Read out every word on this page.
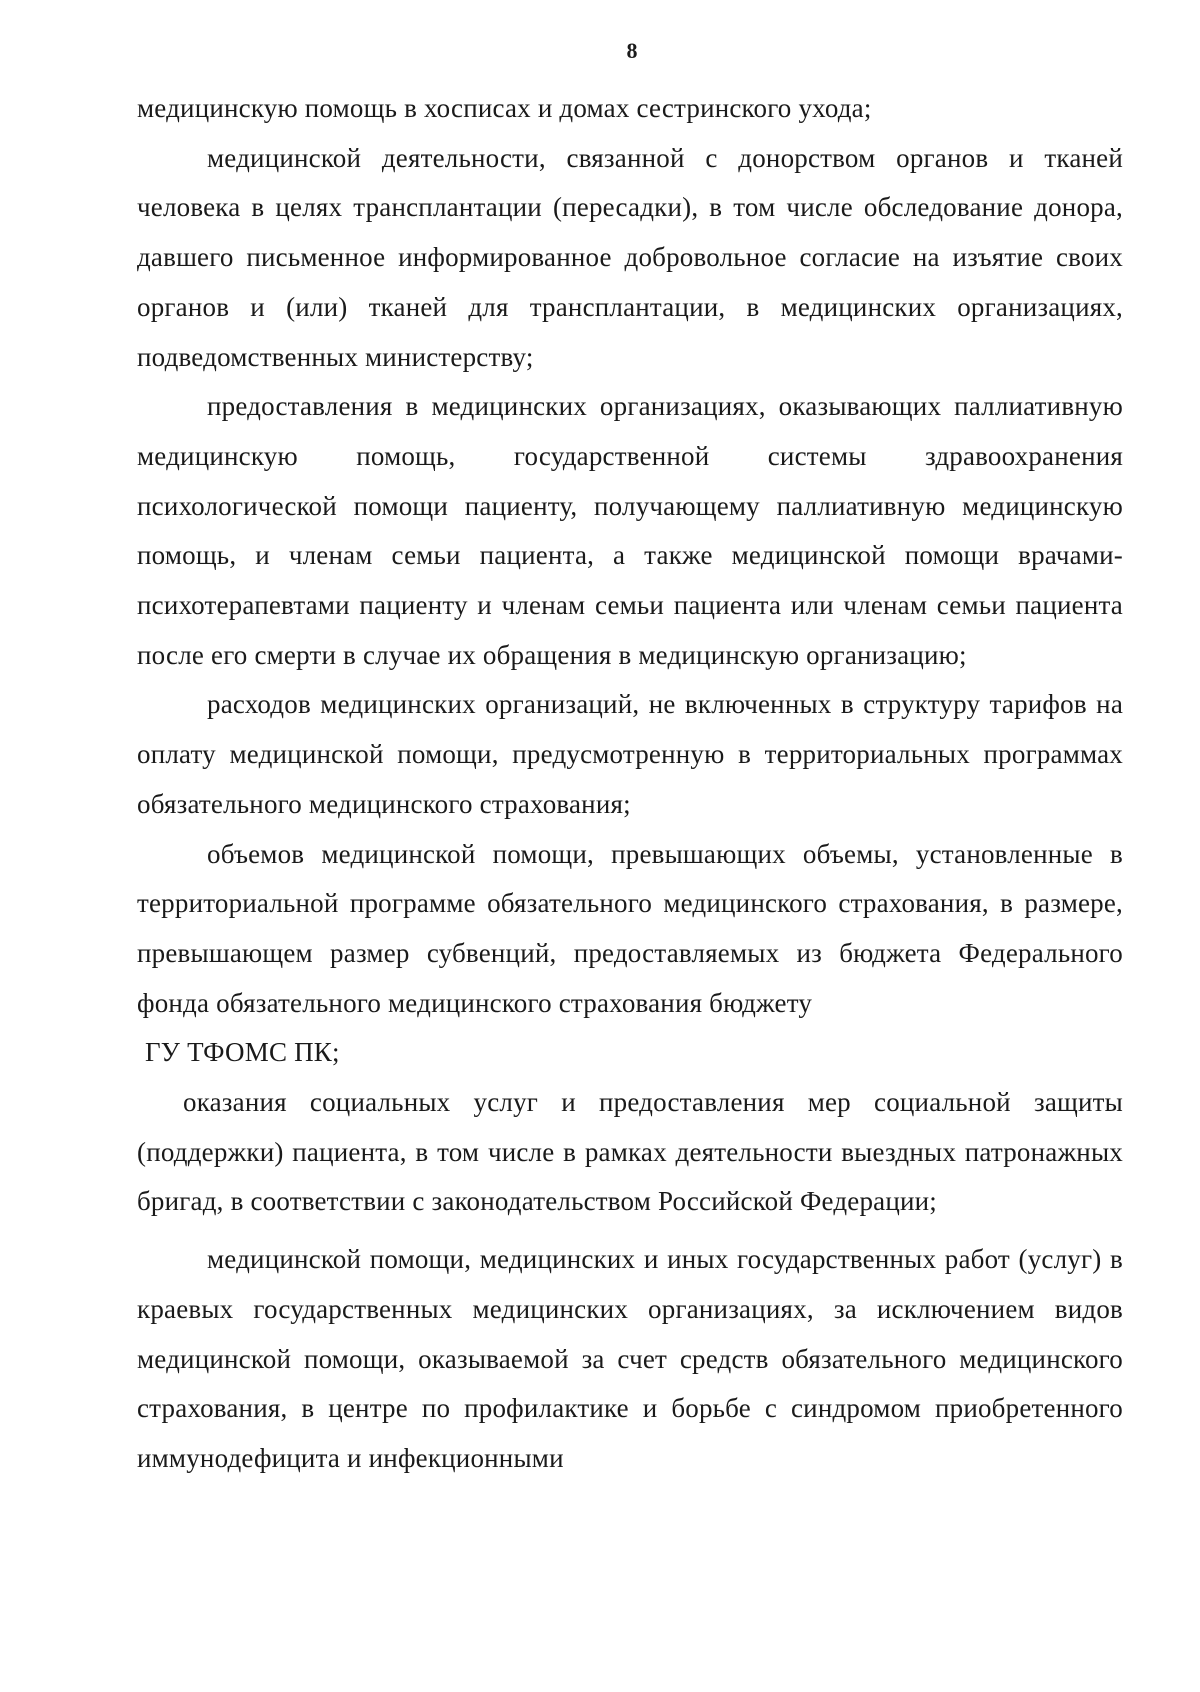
8

медицинскую помощь в хосписах и домах сестринского ухода;

медицинской деятельности, связанной с донорством органов и тканей человека в целях трансплантации (пересадки), в том числе обследование донора, давшего письменное информированное добровольное согласие на изъятие своих органов и (или) тканей для трансплантации, в медицинских организациях, подведомственных министерству;

предоставления в медицинских организациях, оказывающих паллиативную медицинскую помощь, государственной системы здравоохранения психологической помощи пациенту, получающему паллиативную медицинскую помощь, и членам семьи пациента, а также медицинской помощи врачами-психотерапевтами пациенту и членам семьи пациента или членам семьи пациента после его смерти в случае их обращения в медицинскую организацию;

расходов медицинских организаций, не включенных в структуру тарифов на оплату медицинской помощи, предусмотренную в территориальных программах обязательного медицинского страхования;

объемов медицинской помощи, превышающих объемы, установленные в территориальной программе обязательного медицинского страхования, в размере, превышающем размер субвенций, предоставляемых из бюджета Федерального фонда обязательного медицинского страхования бюджету

ГУ ТФОМС ПК;

оказания социальных услуг и предоставления мер социальной защиты (поддержки) пациента, в том числе в рамках деятельности выездных патронажных бригад, в соответствии с законодательством Российской Федерации;

медицинской помощи, медицинских и иных государственных работ (услуг) в краевых государственных медицинских организациях, за исключением видов медицинской помощи, оказываемой за счет средств обязательного медицинского страхования, в центре по профилактике и борьбе с синдромом приобретенного иммунодефицита и инфекционными
